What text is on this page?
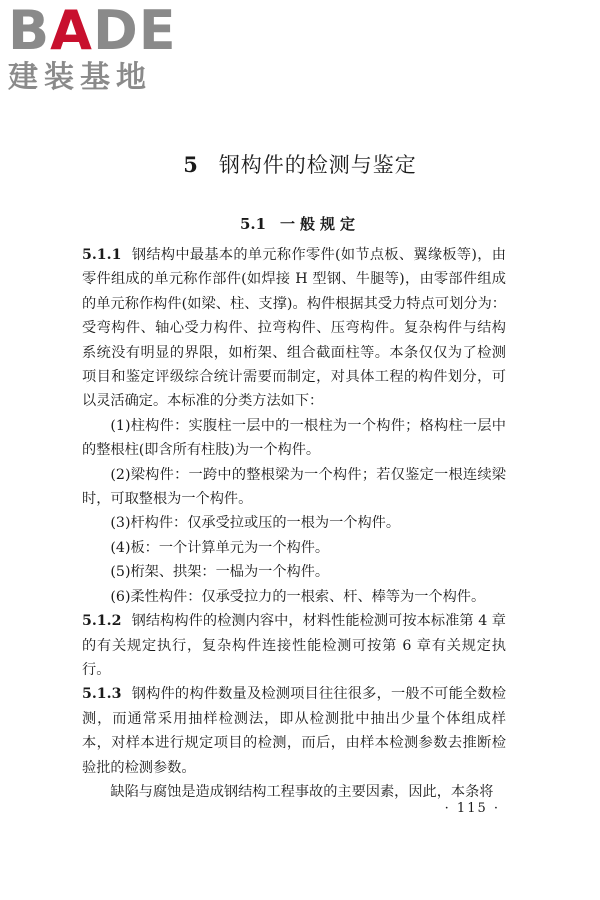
BADE
建装基地
5 钢构件的检测与鉴定
5.1 一般规定

5.1.1 钢结构中最基本的单元称作零件(如节点板、翼缘板等)，由零件组成的单元称作部件(如焊接 H 型钢、牛腿等)，由零部件组成的单元称作构件(如梁、柱、支撑)。构件根据其受力特点可划分为：受弯构件、轴心受力构件、拉弯构件、压弯构件。复杂构件与结构系统没有明显的界限，如桁架、组合截面柱等。本条仅仅为了检测项目和鉴定评级综合统计需要而制定，对具体工程的构件划分，可以灵活确定。本标准的分类方法如下：

(1)柱构件：实腹柱一层中的一根柱为一个构件；格构柱一层中的整根柱(即含所有柱肢)为一个构件。

(2)梁构件：一跨中的整根梁为一个构件；若仅鉴定一根连续梁时，可取整根为一个构件。

(3)杆构件：仅承受拉或压的一根为一个构件。

(4)板：一个计算单元为一个构件。

(5)桁架、拱架：一榀为一个构件。

(6)柔性构件：仅承受拉力的一根索、杆、棒等为一个构件。

5.1.2 钢结构构件的检测内容中，材料性能检测可按本标准第 4 章的有关规定执行，复杂构件连接性能检测可按第 6 章有关规定执行。

5.1.3 钢构件的构件数量及检测项目往往很多，一般不可能全数检测，而通常采用抽样检测法，即从检测批中抽出少量个体组成样本，对样本进行规定项目的检测，而后，由样本检测参数去推断检验批的检测参数。

缺陷与腐蚀是造成钢结构工程事故的主要因素，因此，本条将

· 115 ·
